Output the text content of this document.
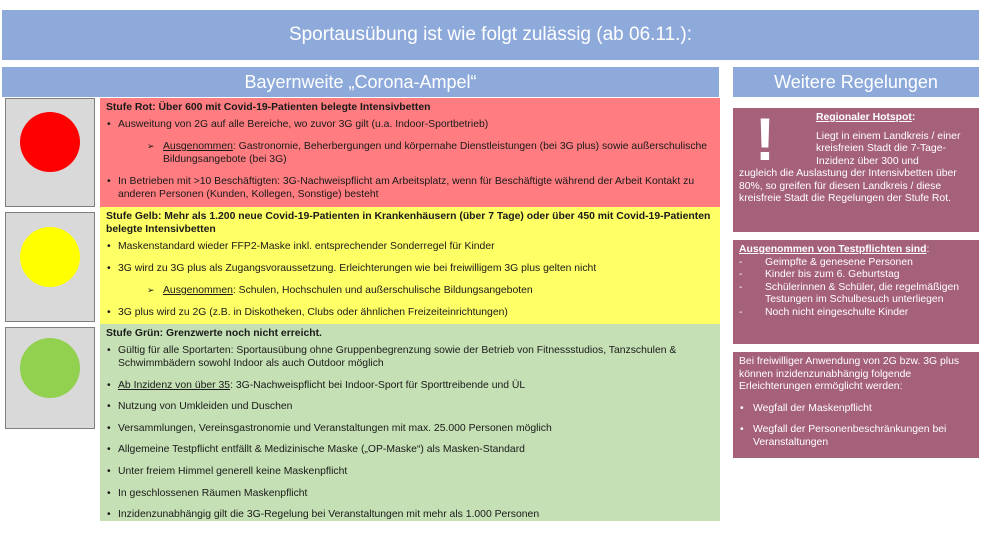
Sportausübung ist wie folgt zulässig (ab 06.11.):
Bayernweite „Corona-Ampel“	Weitere Regelungen
Stufe Rot: Über 600 mit Covid-19-Patienten belegte Intensivbetten
• Ausweitung von 2G auf alle Bereiche, wo zuvor 3G gilt (u.a. Indoor-Sportbetrieb)
➢ Ausgenommen: Gastronomie, Beherbergungen und körpernahe Dienstleistungen (bei 3G plus) sowie außerschulische Bildungsangebote (bei 3G)
• In Betrieben mit >10 Beschäftigten: 3G-Nachweispflicht am Arbeitsplatz, wenn für Beschäftigte während der Arbeit Kontakt zu anderen Personen (Kunden, Kollegen, Sonstige) besteht
Stufe Gelb: Mehr als 1.200 neue Covid-19-Patienten in Krankenhäusern (über 7 Tage) oder über 450 mit Covid-19-Patienten belegte Intensivbetten
• Maskenstandard wieder FFP2-Maske inkl. entsprechender Sonderregel für Kinder
• 3G wird zu 3G plus als Zugangsvoraussetzung. Erleichterungen wie bei freiwilligem 3G plus gelten nicht
➢ Ausgenommen: Schulen, Hochschulen und außerschulische Bildungsangeboten
• 3G plus wird zu 2G (z.B. in Diskotheken, Clubs oder ähnlichen Freizeiteinrichtungen)
Stufe Grün: Grenzwerte noch nicht erreicht.
• Gültig für alle Sportarten: Sportausübung ohne Gruppenbegrenzung sowie der Betrieb von Fitnessstudios, Tanzschulen & Schwimmbädern sowohl Indoor als auch Outdoor möglich
• Ab Inzidenz von über 35: 3G-Nachweispflicht bei Indoor-Sport für Sporttreibende und ÜL
• Nutzung von Umkleiden und Duschen
• Versammlungen, Vereinsgastronomie und Veranstaltungen mit max. 25.000 Personen möglich
• Allgemeine Testpflicht entfällt & Medizinische Maske („OP-Maske“) als Masken-Standard
• Unter freiem Himmel generell keine Maskenpflicht
• In geschlossenen Räumen Maskenpflicht
• Inzidenzunabhängig gilt die 3G-Regelung bei Veranstaltungen mit mehr als 1.000 Personen
!	Regionaler Hotspot:
Liegt in einem Landkreis / einer kreisfreien Stadt die 7-Tage-Inzidenz über 300 und
zugleich die Auslastung der Intensivbetten über 80%, so greifen für diesen Landkreis / diese kreisfreie Stadt die Regelungen der Stufe Rot.
Ausgenommen von Testpflichten sind:
- Geimpfte & genesene Personen
- Kinder bis zum 6. Geburtstag
- Schülerinnen & Schüler, die regelmäßigen Testungen im Schulbesuch unterliegen
- Noch nicht eingeschulte Kinder
Bei freiwilliger Anwendung von 2G bzw. 3G plus können inzidenzunabhängig folgende Erleichterungen ermöglicht werden:
• Wegfall der Maskenpflicht
• Wegfall der Personenbeschränkungen bei Veranstaltungen
